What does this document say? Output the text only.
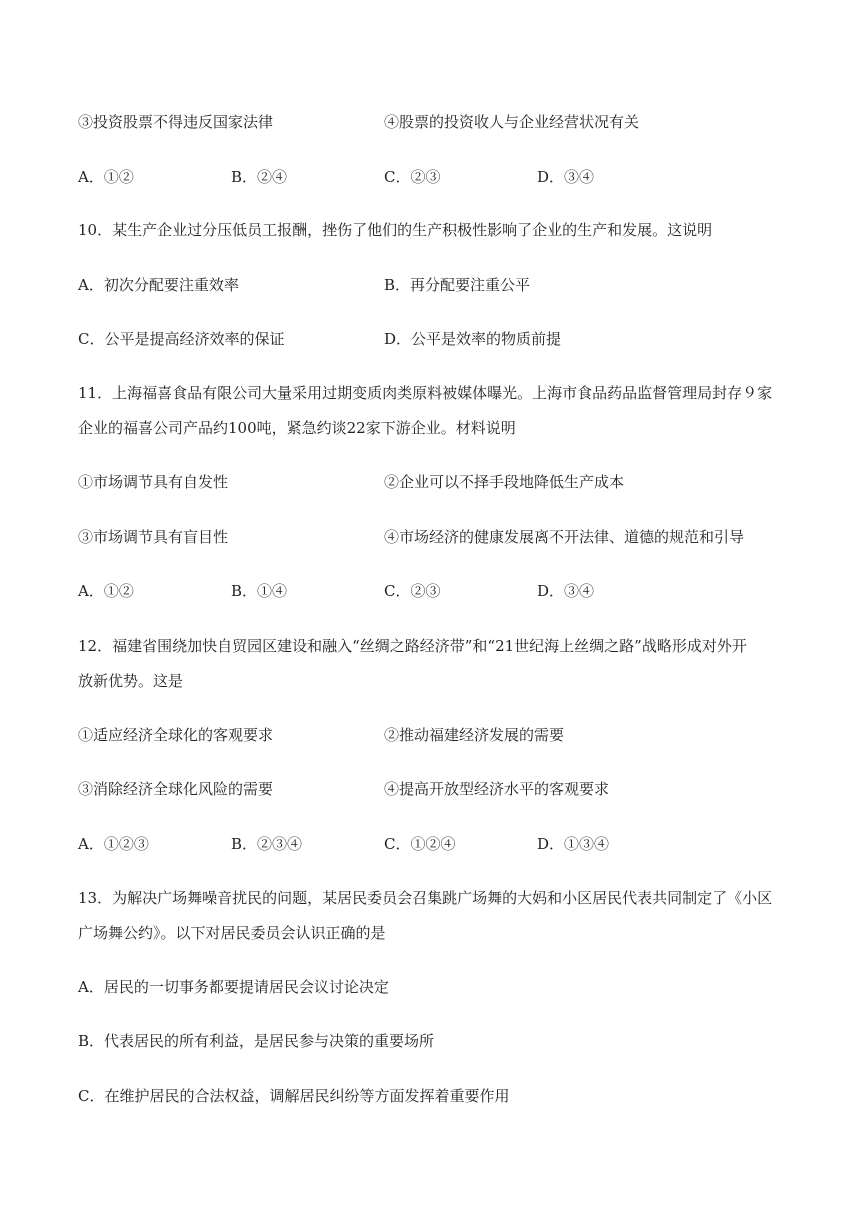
③投资股票不得违反国家法律	④股票的投资收人与企业经营状况有关
A．①②	B．②④	C．②③	D．③④
10．某生产企业过分压低员工报酬，挫伤了他们的生产积极性影响了企业的生产和发展。这说明
A．初次分配要注重效率	B．再分配要注重公平
C．公平是提高经济效率的保证	D．公平是效率的物质前提
11．上海福喜食品有限公司大量采用过期变质肉类原料被媒体曝光。上海市食品药品监督管理局封存９家
企业的福喜公司产品约100吨，紧急约谈22家下游企业。材料说明
①市场调节具有自发性	②企业可以不择手段地降低生产成本
③市场调节具有盲目性	④市场经济的健康发展离不开法律、道德的规范和引导
A．①②	B．①④	C．②③	D．③④
12．福建省围绕加快自贸园区建设和融入“丝绸之路经济带”和“21世纪海上丝绸之路”战略形成对外开
放新优势。这是
①适应经济全球化的客观要求	②推动福建经济发展的需要
③消除经济全球化风险的需要	④提高开放型经济水平的客观要求
A．①②③	B．②③④	C．①②④	D．①③④
13．为解决广场舞噪音扰民的问题，某居民委员会召集跳广场舞的大妈和小区居民代表共同制定了《小区
广场舞公约》。以下对居民委员会认识正确的是
A．居民的一切事务都要提请居民会议讨论决定
B．代表居民的所有利益，是居民参与决策的重要场所
C．在维护居民的合法权益，调解居民纠纷等方面发挥着重要作用
